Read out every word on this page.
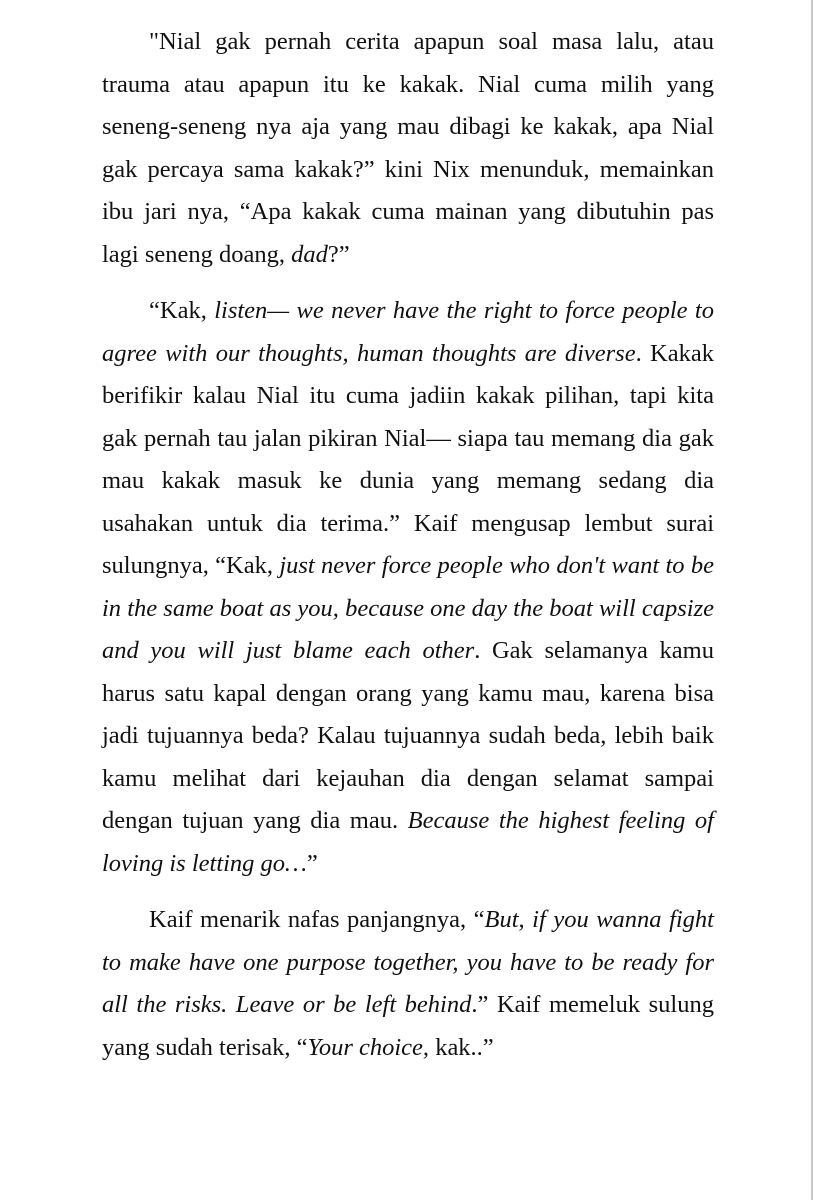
"Nial gak pernah cerita apapun soal masa lalu, atau trauma atau apapun itu ke kakak. Nial cuma milih yang seneng-seneng nya aja yang mau dibagi ke kakak, apa Nial gak percaya sama kakak?” kini Nix menunduk, memainkan ibu jari nya, “Apa kakak cuma mainan yang dibutuhin pas lagi seneng doang, dad?”

“Kak, listen— we never have the right to force people to agree with our thoughts, human thoughts are diverse. Kakak berifikir kalau Nial itu cuma jadiin kakak pilihan, tapi kita gak pernah tau jalan pikiran Nial— siapa tau memang dia gak mau kakak masuk ke dunia yang memang sedang dia usahakan untuk dia terima.” Kaif mengusap lembut surai sulungnya, “Kak, just never force people who don't want to be in the same boat as you, because one day the boat will capsize and you will just blame each other. Gak selamanya kamu harus satu kapal dengan orang yang kamu mau, karena bisa jadi tujuannya beda? Kalau tujuannya sudah beda, lebih baik kamu melihat dari kejauhan dia dengan selamat sampai dengan tujuan yang dia mau. Because the highest feeling of loving is letting go…”

Kaif menarik nafas panjangnya, “But, if you wanna fight to make have one purpose together, you have to be ready for all the risks. Leave or be left behind.” Kaif memeluk sulung yang sudah terisak, “Your choice, kak..”
